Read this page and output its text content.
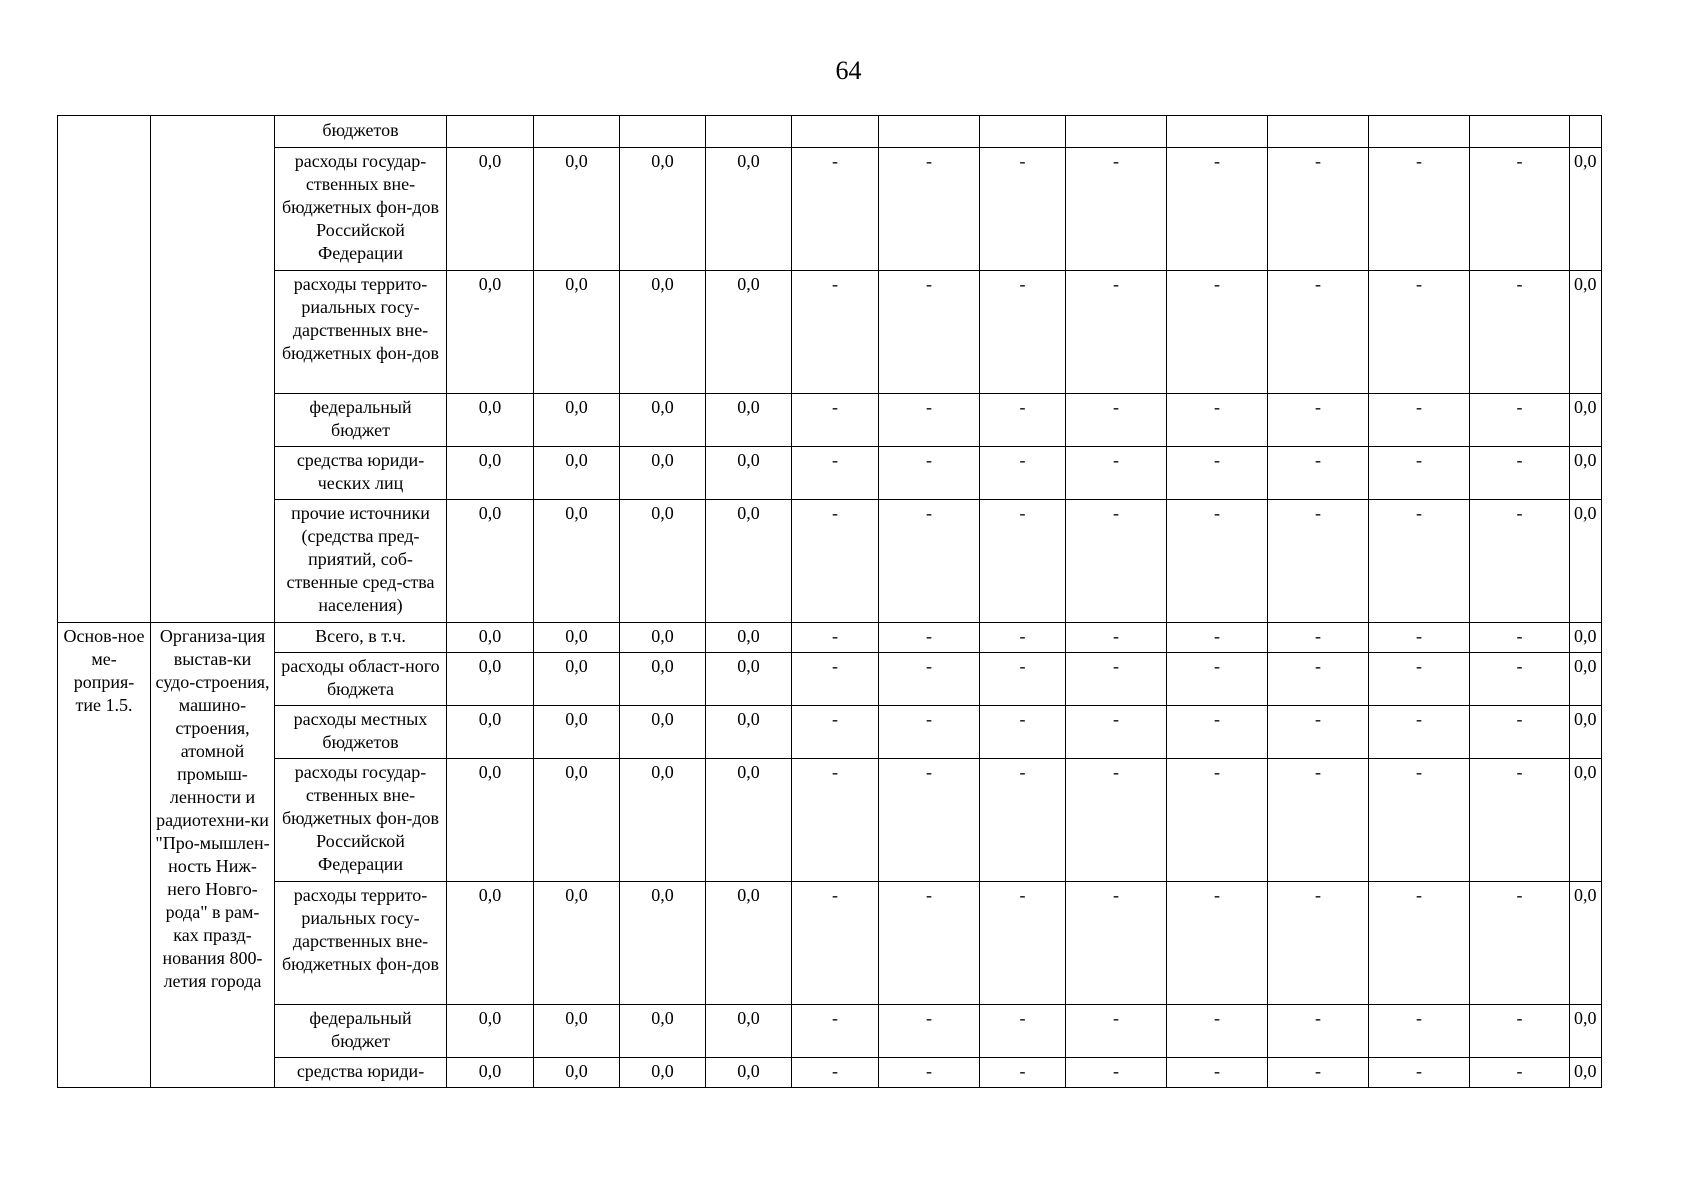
64
		бюджетов													
		расходы государ-ственных вне-бюджетных фон-дов Российской Федерации	0,0	0,0	0,0	0,0	-	-	-	-	-	-	-	-	0,0
		расходы террито-риальных госу-дарственных вне-бюджетных фон-дов	0,0	0,0	0,0	0,0	-	-	-	-	-	-	-	-	0,0
		федеральный бюджет	0,0	0,0	0,0	0,0	-	-	-	-	-	-	-	-	0,0
		средства юриди-ческих лиц	0,0	0,0	0,0	0,0	-	-	-	-	-	-	-	-	0,0
		прочие источники (средства пред-приятий, соб-ственные сред-ства населения)	0,0	0,0	0,0	0,0	-	-	-	-	-	-	-	-	0,0
Основ-ное ме-роприя-тие 1.5.	Организа-ция выстав-ки судо-строения, машино-строения, атомной промыш-ленности и радиотехни-ки "Про-мышлен-ность Ниж-него Новго-рода" в рам-ках празд-нования 800-летия города	Всего, в т.ч.	0,0	0,0	0,0	0,0	-	-	-	-	-	-	-	-	0,0
		расходы област-ного бюджета	0,0	0,0	0,0	0,0	-	-	-	-	-	-	-	-	0,0
		расходы местных бюджетов	0,0	0,0	0,0	0,0	-	-	-	-	-	-	-	-	0,0
		расходы государ-ственных вне-бюджетных фон-дов Российской Федерации	0,0	0,0	0,0	0,0	-	-	-	-	-	-	-	-	0,0
		расходы террито-риальных госу-дарственных вне-бюджетных фон-дов	0,0	0,0	0,0	0,0	-	-	-	-	-	-	-	-	0,0
		федеральный бюджет	0,0	0,0	0,0	0,0	-	-	-	-	-	-	-	-	0,0
		средства юриди-	0,0	0,0	0,0	0,0	-	-	-	-	-	-	-	-	0,0
